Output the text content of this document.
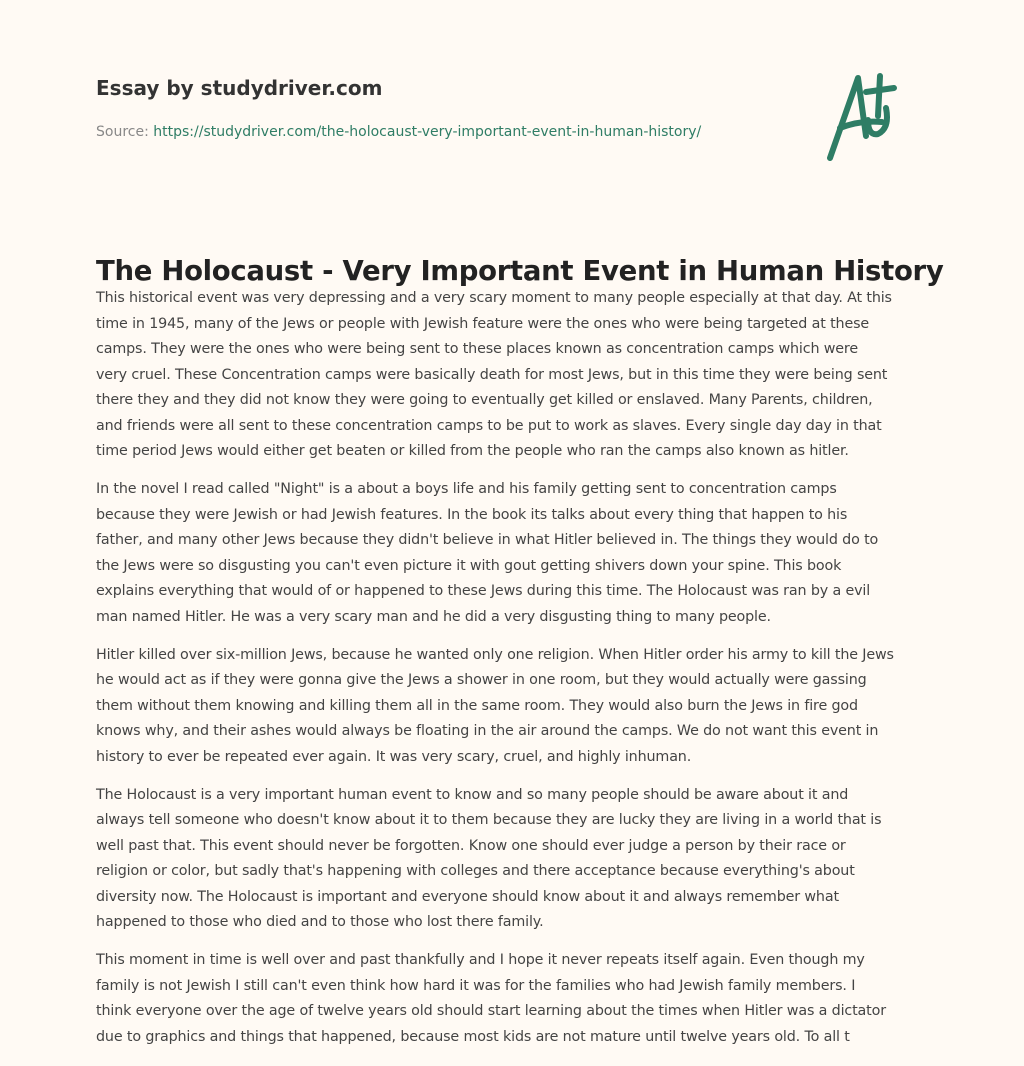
Essay by studydriver.com
Source: https://studydriver.com/the-holocaust-very-important-event-in-human-history/
The Holocaust - Very Important Event in Human History

This historical event was very depressing and a very scary moment to many people especially at that day. At this
time in 1945, many of the Jews or people with Jewish feature were the ones who were being targeted at these
camps. They were the ones who were being sent to these places known as concentration camps which were
very cruel. These Concentration camps were basically death for most Jews, but in this time they were being sent
there they and they did not know they were going to eventually get killed or enslaved. Many Parents, children,
and friends were all sent to these concentration camps to be put to work as slaves. Every single day day in that
time period Jews would either get beaten or killed from the people who ran the camps also known as hitler.

In the novel I read called "Night" is a about a boys life and his family getting sent to concentration camps
because they were Jewish or had Jewish features. In the book its talks about every thing that happen to his
father, and many other Jews because they didn't believe in what Hitler believed in. The things they would do to
the Jews were so disgusting you can't even picture it with gout getting shivers down your spine. This book
explains everything that would of or happened to these Jews during this time. The Holocaust was ran by a evil
man named Hitler. He was a very scary man and he did a very disgusting thing to many people.

Hitler killed over six-million Jews, because he wanted only one religion. When Hitler order his army to kill the Jews
he would act as if they were gonna give the Jews a shower in one room, but they would actually were gassing
them without them knowing and killing them all in the same room. They would also burn the Jews in fire god
knows why, and their ashes would always be floating in the air around the camps. We do not want this event in
history to ever be repeated ever again. It was very scary, cruel, and highly inhuman.

The Holocaust is a very important human event to know and so many people should be aware about it and
always tell someone who doesn't know about it to them because they are lucky they are living in a world that is
well past that. This event should never be forgotten. Know one should ever judge a person by their race or
religion or color, but sadly that's happening with colleges and there acceptance because everything's about
diversity now. The Holocaust is important and everyone should know about it and always remember what
happened to those who died and to those who lost there family.

This moment in time is well over and past thankfully and I hope it never repeats itself again. Even though my
family is not Jewish I still can't even think how hard it was for the families who had Jewish family members. I
think everyone over the age of twelve years old should start learning about the times when Hitler was a dictator
due to graphics and things that happened, because most kids are not mature until twelve years old. To all t
